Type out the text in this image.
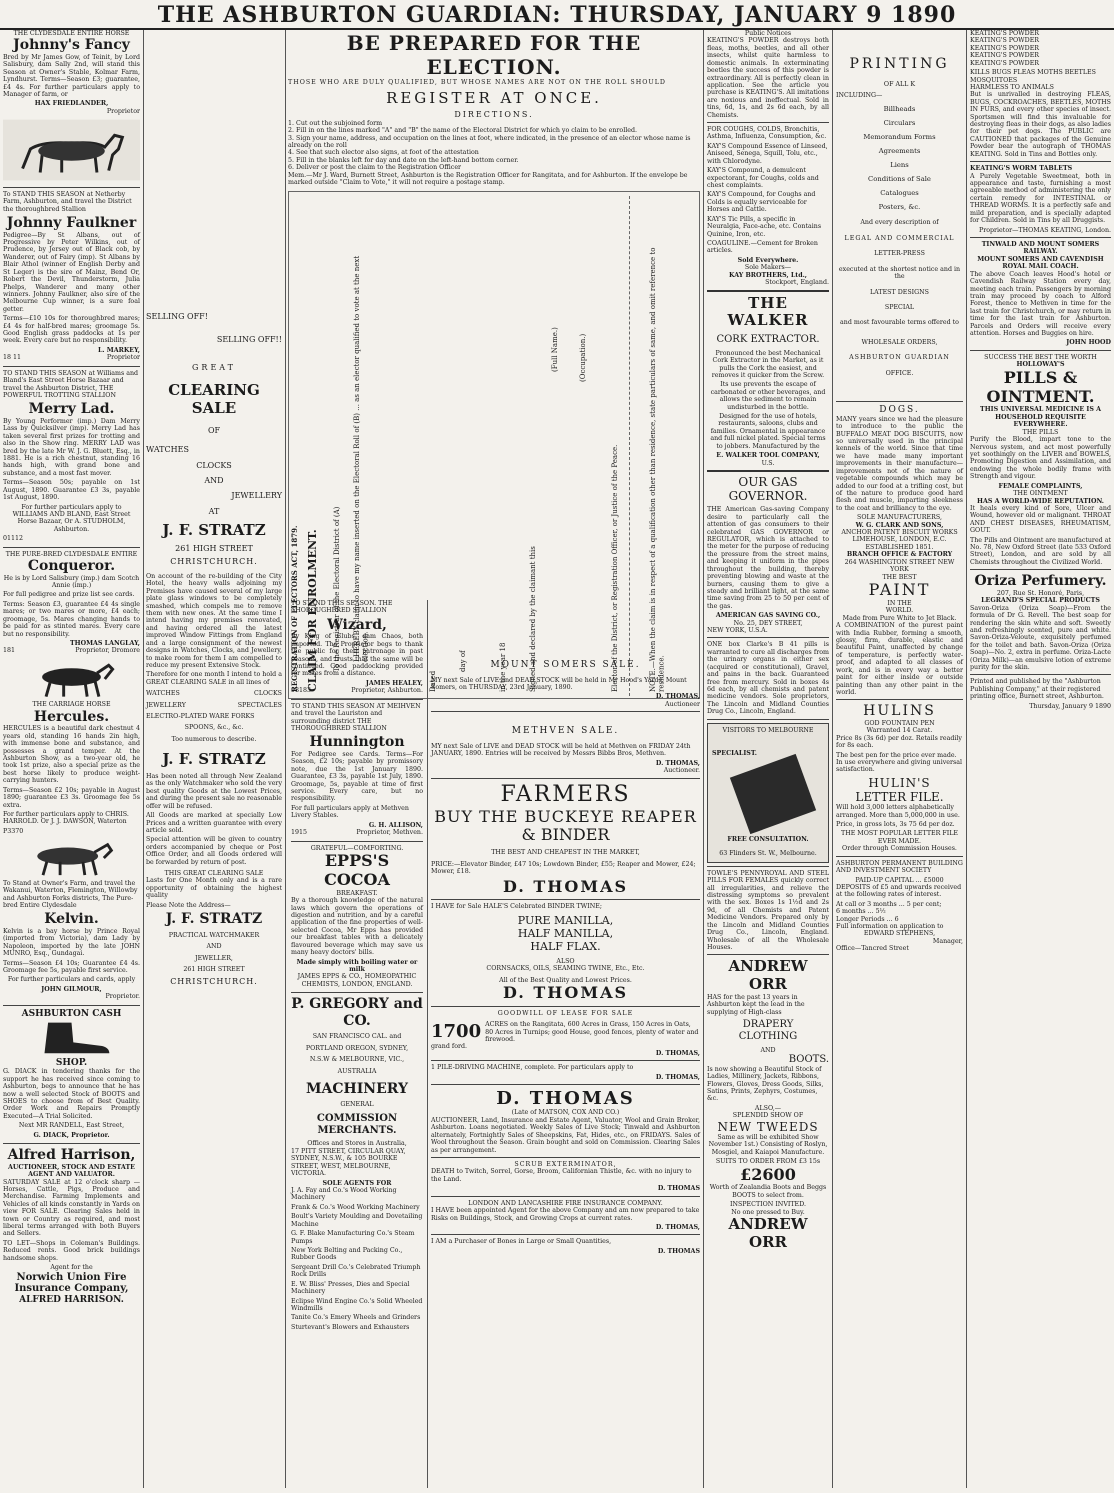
THE ASHBURTON GUARDIAN: THURSDAY, JANUARY 9 1890
THE CLYDESDALE ENTIRE HORSE
Johnny's Fancy

Bred by Mr James Gow, of Teinit, by Lord Salisbury, dam Sally 2nd, will stand this Season at Owner's Stable, Kolmar Farm, Lyndhurst. Terms—Season £3; guarantee, £4 4s. For further particulars apply to Manager of farm, or

HAX FRIEDLANDER,
Proprietor

To STAND THIS SEASON at Netherby Farm, Ashburton, and travel the District the thoroughbred Stallion

Johnny Faulkner

Pedigree—By St Albans, out of Progressive by Peter Wilkins, out of Prudence, by Jersey out of Black cob, by Wanderer, out of Fairy (imp). St Albans by Blair Athol (winner of English Derby and St Leger) is the sire of Mainz, Bend Or, Robert the Devil, Thunderstorm, Julia Phelps, Wanderer and many other winners. Johnny Faulkner, also sire of the Melbourne Cup winner, is a sure foal getter.

Terms—£10 10s for thoroughbred mares; £4 4s for half-bred mares; groomage 5s. Good English grass paddocks at 1s per week. Every care but no responsibility.

L. MARKEY,
18 11	Proprietor

TO STAND THIS SEASON at Williams and Bland's East Street Horse Bazaar and travel the Ashburton District, THE POWERFUL TROTTING STALLION

Merry Lad.

By Young Performer (imp.) Dam Merry Lass by Quicksilver (imp). Merry Lad has taken several first prizes for trotting and also in the Show ring. MERRY LAD was bred by the late Mr W. J. G. Bluett, Esq., in 1881. He is a rich chestnut, standing 16 hands high, with grand bone and substance, and a most fast mover.

Terms—Season 50s; payable on 1st August, 1890. Guarantee £3 3s, payable 1st August, 1890.

For further particulars apply to WILLIAMS AND BLAND, East Street Horse Bazaar, Or A. STUDHOLM, Ashburton.

01112
THE PURE-BRED CLYDESDALE ENTIRE
Conqueror.

He is by Lord Salisbury (imp.) dam Scotch Annie (imp.)

For full pedigree and prize list see cards.

Terms: Season £3, guarantee £4 4s single mares; or two mares or more, £4 each; groomage, 5s. Mares changing hands to be paid for as stinted mares. Every care but no responsibility.

THOMAS LANGLAY,
181	Proprietor, Dromore
THE CARRIAGE HORSE
Hercules.

HERCULES is a beautiful dark chestnut 4 years old, standing 16 hands 2in high, with immense bone and substance, and possesses a grand temper. At the Ashburton Show, as a two-year old, he took 1st prize, also a special prize as the best horse likely to produce weight-carrying hunters.

Terms—Season £2 10s; payable in August 1890; guarantee £3 3s. Groomage fee 5s extra.

For further particulars apply to CHRIS. HARROLD. Or J. J. DAWSON, Waterton

P3370

To Stand at Owner's Farm, and travel the Wakanui, Waterton, Flemington, Willowby and Ashburton Forks districts, The Pure-bred Entire Clydesdale

Kelvin.

Kelvin is a bay horse by Prince Royal (imported from Victoria), dam Lady by Napoleon, imported by the late JOHN MUNRO, Esq., Gundagai.

Terms—Season £4 10s; Guarantee £4 4s. Groomage fee 5s, payable first service.

For further particulars and cards, apply

JOHN GILMOUR,
Proprietor.
ASHBURTON CASH
SHOP.

G. DIACK in tendering thanks for the support he has received since coming to Ashburton, begs to announce that he has now a well selected Stock of BOOTS and SHOES to choose from of Best Quality. Order Work and Repairs Promptly Executed—A Trial Solicited.

Next MR RANDELL, East Street,

G. DIACK, Proprietor.
Alfred Harrison,
AUCTIONEER, STOCK AND ESTATE AGENT AND VALUATOR.

SATURDAY SALE at 12 o'clock sharp —Horses, Cattle, Pigs, Produce and Merchandise. Farming Implements and Vehicles of all kinds constantly in Yards on view FOR SALE. Clearing Sales held in town or Country as required, and most liberal terms arranged with both Buyers and Sellers.

TO LET—Shops in Coleman's Buildings. Reduced rents. Good brick buildings handsome shops.

Agent for the
Norwich Union Fire Insurance Company,
ALFRED HARRISON.
BE PREPARED FOR THE ELECTION.
THOSE WHO ARE DULY QUALIFIED, BUT WHOSE NAMES ARE NOT ON THE ROLL SHOULD
REGISTER AT ONCE.
DIRECTIONS.
1. Cut out the subjoined form
2. Fill in on the lines marked "A" and "B" the name of the Electoral District for which yo claim to be enrolled.
3. Sign your name, address, and occupation on the lines at foot, where indicated, in the presence of an elector whose name is already on the roll
4. See that such elector also signs, at foot of the attestation
5. Fill in the blanks left for day and date on the left-hand bottom corner.
6. Deliver or post the claim to the Registration Officer
Mem.—Mr J. Ward, Burnett Street, Ashburton is the Registration Officer for Rangitata, and for Ashburton. If the envelope be marked outside "Claim to Vote," it will not require a postage stamp.
REGISTRATION OF ELECTORS ACT, 1879. CLAIM FOR ENROLMENT. To the Registrar of the Electoral District of (A) I HEREBY claim to have my name inserted on the Electoral Roll of (B) ... as an elector qualified to vote at the next election.
Dated
day of	in the year 18	Signed and declared by the claimant this
(Full Name.)	(Occupation.)
Elector of the District, or Registration Officer, or Justice of the Peace.	NOTE.—When the claim is in respect of a qualification other than residence, state particulars of same, and omit reference to residence.
SELLING OFF!
SELLING OFF!!
GREAT
CLEARING SALE
OF
WATCHES
CLOCKS
AND
JEWELLERY
AT
J. F. STRATZ
261 HIGH STREET
CHRISTCHURCH.

On account of the re-building of the City Hotel, the heavy walls adjoining my Premises have caused several of my large plate glass windows to be completely smashed, which compels me to remove them with new ones. At the same time I intend having my premises renovated, and having ordered all the latest improved Window Fittings from England and a large consignment of the newest designs in Watches, Clocks, and Jewellery, to make room for them I am compelled to reduce my present Extensive Stock.

Therefore for one month I intend to hold a GREAT CLEARING SALE in all lines of

WATCHES	CLOCKS
JEWELLERY	SPECTACLES
ELECTRO-PLATED WARE FORKS
SPOONS, &c., &c.
Too numerous to describe.
J. F. STRATZ

Has been noted all through New Zealand as the only Watchmaker who sold the very best quality Goods at the Lowest Prices, and during the present sale no reasonable offer will be refused.

All Goods are marked at specially Low Prices and a written guarantee with every article sold.

Special attention will be given to country orders accompanied by cheque or Post Office Order, and all Goods ordered will be forwarded by return of post.

THIS GREAT CLEARING SALE

Lasts for One Month only and is a rare opportunity of obtaining the highest quality

Please Note the Address—

J. F. STRATZ
PRACTICAL WATCHMAKER
AND
JEWELLER,
261 HIGH STREET
CHRISTCHURCH.

TO STAND THIS SEASON. THE THOROUGHBRED STALLION

Wizard,

By King of Clubs, dam Chaos, both imported. The Proprietor begs to thank the public for their patronage in past seasons, and trusts that the same will be continued. Good paddocking provided for mares from a distance.

JAMES HEALEY,
18183	Proprietor, Ashburton.

TO STAND THIS SEASON AT MEIHVEN and travel the Lauriston and surrounding district THE THOROUGHBRED STALLION

Hunnington

For Pedigree see Cards. Terms—For Season, £2 10s; payable by promissory note, due the 1st January 1890. Guarantee, £3 3s, payable 1st July, 1890. Groomage, 5s, payable at time of first service. Every care, but no responsibility.

For full particulars apply at Methven Livery Stables.

G. H. ALLISON,
1915	Proprietor, Methven.
GRATEFUL—COMFORTING.
EPPS'S COCOA
BREAKFAST.

By a thorough knowledge of the natural laws which govern the operations of digestion and nutrition, and by a careful application of the fine properties of well-selected Cocoa, Mr Epps has provided our breakfast tables with a delicately flavoured beverage which may save us many heavy doctors' bills.

Made simply with boiling water or milk
JAMES EPPS & CO., HOMEOPATHIC CHEMISTS, LONDON, ENGLAND.
P. GREGORY and CO.
SAN FRANCISCO CAL. and
PORTLAND OREGON, SYDNEY,
N.S.W & MELBOURNE, VIC.,
AUSTRALIA
MACHINERY
GENERAL
COMMISSION MERCHANTS.
Offices and Stores in Australia,

17 PITT STREET, CIRCULAR QUAY, SYDNEY, N.S.W., & 105 BOURKE STREET, WEST, MELBOURNE, VICTORIA.

SOLE AGENTS FOR

J. A. Fay and Co.'s Wood Working Machinery

Frank & Co.'s Wood Working Machinery

Boult's Variety Moulding and Dovetailing Machine

G. F. Blake Manufacturing Co.'s Steam Pumps

New York Belting and Packing Co., Rubber Goods

Sergeant Drill Co.'s Celebrated Triumph Rock Drills

E. W. Bliss' Presses, Dies and Special Machinery

Eclipse Wind Engine Co.'s Solid Wheeled Windmills

Tanite Co.'s Emery Wheels and Grinders

Sturtevant's Blowers and Exhausters

MOUNT SOMERS SALE.

MY next Sale of LIVE and DEAD STOCK will be held in Mr Hood's Yards, Mount Somers, on THURSDAY, 23rd January, 1890.

D. THOMAS,
Auctioneer
METHVEN SALE.

MY next Sale of LIVE and DEAD STOCK will be held at Methven on FRIDAY 24th JANUARY, 1890. Entries will be received by Messrs Bibbs Bros, Methven.

D. THOMAS,
Auctioneer.
FARMERS
BUY THE BUCKEYE REAPER
& BINDER
THE BEST AND CHEAPEST IN THE MARKET,

PRICE:—Elevator Binder, £47 10s; Lowdown Binder, £55; Reaper and Mower, £24; Mower, £18.

D. THOMAS

I HAVE for Sale HALE'S Celebrated BINDER TWINE;

PURE MANILLA,
HALF MANILLA,
HALF FLAX.
ALSO
CORNSACKS, OILS, SEAMING TWINE, Etc., Etc.
All of the Best Quality and Lowest Prices.
D. THOMAS
GOODWILL OF LEASE FOR SALE
1700
grand ford.

ACRES on the Rangitata, 600 Acres in Grass, 150 Acres in Oats, 80 Acres in Turnips; good House, good fences, plenty of water and firewood.

D. THOMAS,

1 PILE-DRIVING MACHINE, complete. For particulars apply to

D. THOMAS,
D. THOMAS
(Late of MATSON, COX AND CO.)

AUCTIONEER, Land, Insurance and Estate Agent, Valuator, Wool and Grain Broker, Ashburton. Loans negotiated. Weekly Sales of Live Stock; Tinwald and Ashburton alternately, Fortnightly Sales of Sheepskins, Fat, Hides, etc., on FRIDAYS. Sales of Wool throughout the Season. Grain bought and sold on Commission. Clearing Sales as per arrangement.

SCRUB EXTERMINATOR,

DEATH to Twitch, Sorrel, Gorse, Broom, Californian Thistle, &c. with no injury to the Land.

D. THOMAS
LONDON AND LANCASHIRE FIRE INSURANCE COMPANY.

I HAVE been appointed Agent for the above Company and am now prepared to take Risks on Buildings, Stock, and Growing Crops at current rates.

D. THOMAS,

I AM a Purchaser of Bones in Large or Small Quantities,

D. THOMAS
Public Notices

KEATING'S POWDER destroys both fleas, moths, beetles, and all other insects, whilst quite harmless to domestic animals. In exterminating beetles the success of this powder is extraordinary. All is perfectly clean in application. See the article you purchase is KEATING'S. All imitations are noxious and ineffectual. Sold in tins, 6d, 1s, and 2s 6d each, by all Chemists.

FOR COUGHS, COLDS, Bronchitis, Asthma, Influenza, Consumption, &c.

KAY'S Compound Essence of Linseed, Aniseed, Senega, Squill, Tolu, etc., with Chlorodyne.

KAY'S Compound, a demulcent expectorant, for Coughs, colds and chest complaints.

KAY'S Compound, for Coughs and Colds is equally serviceable for Horses and Cattle.

KAY'S Tic Pills, a specific in Neuralgia, Face-ache, etc. Contains Quinine, Iron, etc.

COAGULINE.—Cement for Broken articles.

Sold Everywhere.
Sole Makers—
KAY BROTHERS, Ltd.,
Stockport, England.
THE WALKER
CORK EXTRACTOR.

Pronounced the best Mechanical Cork Extractor in the Market, as it pulls the Cork the easiest, and removes it quicker from the Screw.

Its use prevents the escape of carbonated or other beverages, and allows the sediment to remain undisturbed in the bottle.

Designed for the use of hotels, restaurants, saloons, clubs and families. Ornamental in appearance and full nickel plated. Special terms to jobbers. Manufactured by the

E. WALKER TOOL COMPANY,
U.S.
OUR GAS GOVERNOR.

THE American Gas-saving Company desire to particularly call the attention of gas consumers to their celebrated GAS GOVERNOR or REGULATOR, which is attached to the meter for the purpose of reducing the pressure from the street mains, and keeping it uniform in the pipes throughout the building, thereby preventing blowing and waste at the burners, causing them to give a steady and brilliant light, at the same time saving from 25 to 50 per cent of the gas.

AMERICAN GAS SAVING CO.,
No. 25, DEY STREET,
NEW YORK, U.S.A.

ONE box Clarke's B 41 pills is warranted to cure all discharges from the urinary organs in either sex (acquired or constitutional), Gravel, and pains in the back. Guaranteed free from mercury. Sold in boxes 4s 6d each, by all chemists and patent medicine vendors. Sole proprietors, The Lincoln and Midland Counties Drug Co., Lincoln, England.

VISITORS TO MELBOURNE
SPECIALIST.
FREE CONSULTATION.
63 Flinders St. W., Melbourne.

TOWLE'S PENNYROYAL AND STEEL PILLS FOR FEMALES quickly correct all irregularities, and relieve the distressing symptoms so prevalent with the sex. Boxes 1s 1½d and 2s 9d, of all Chemists and Patent Medicine Vendors. Prepared only by the Lincoln and Midland Counties Drug Co., Lincoln, England. Wholesale of all the Wholesale Houses.

ANDREW ORR

HAS for the past 13 years in Ashburton kept the lead in the supplying of High-class

DRAPERY
CLOTHING
AND
BOOTS.

Is now showing a Beautiful Stock of Ladies, Millinery, Jackets, Ribbons, Flowers, Gloves, Dress Goods, Silks, Satins, Prints, Zephyrs, Costumes, &c.

ALSO,—
SPLENDID SHOW OF
NEW TWEEDS

Same as will be exhibited Show November 1st.) Consisting of Roslyn, Mosgiel, and Kaiapoi Manufacture.

SUITS TO ORDER FROM £3 15s
£2600

Worth of Zealandia Boots and Beggs BOOTS to select from.

INSPECTION INVITED.
No one pressed to Buy.
ANDREW ORR
PRINTING
OF ALL K
INCLUDING—
Billheads
Circulars
Memorandum Forms
Agreements
Liens
Conditions of Sale
Catalogues
Posters, &c.
And every description of
LEGAL AND COMMERCIAL
LETTER-PRESS
executed at the shortest notice and in the
LATEST DESIGNS
SPECIAL
and most favourable terms offered to
WHOLESALE ORDERS,
ASHBURTON GUARDIAN
OFFICE.
DOGS.

MANY years since we had the pleasure to introduce to the public the BUFFALO MEAT DOG BISCUITS, now so universally used in the principal kennels of the world. Since that time we have made many important improvements in their manufacture—improvements not of the nature of vegetable compounds which may be added to our food at a trifling cost, but of the nature to produce good hard flesh and muscle, imparting sleekness to the coat and brilliancy to the eye.

SOLE MANUFACTURERS,
W. G. CLARK AND SONS,
ANCHOR PATENT BISCUIT WORKS LIMEHOUSE, LONDON, E.C.
ESTABLISHED 1851.
BRANCH OFFICE & FACTORY
264 WASHINGTON STREET NEW YORK
THE BEST
PAINT
IN THE
WORLD.
Made from Pure White to Jet Black.

A COMBINATION of the purest paint with India Rubber, forming a smooth, glossy, firm, durable, elastic and beautiful Paint, unaffected by change of temperature, is perfectly water-proof, and adapted to all classes of work, and is in every way a better paint for either inside or outside painting than any other paint in the world.

HULINS
GOD FOUNTAIN PEN
Warranted 14 Carat.

Price 8s (3s 6d) per doz. Retails readily for 8s each.

The best pen for the price ever made. In use everywhere and giving universal satisfaction.

HULIN'S
LETTER FILE.

Will hold 3,000 letters alphabetically arranged. More than 5,000,000 in use.

Price, in gross lots, 3s 75 6d per doz.

THE MOST POPULAR LETTER FILE EVER MADE.
Order through Commission Houses.

ASHBURTON PERMANENT BUILDING AND INVESTMENT SOCIETY

PAID-UP CAPITAL ... £5000

DEPOSITS of £5 and upwards received at the following rates of interest.

At call or 3 months ... 5 per cent;
6 months ... 5½
Longer Periods ... 6
Full information on application to
EDWARD STEPHENS,
Manager,
Office—Tancred Street
KEATING'S POWDER
KEATING'S POWDER
KEATING'S POWDER
KEATING'S POWDER
KEATING'S POWDER
KILLS BUGS FLEAS MOTHS BEETLES MOSQUITOES
HARMLESS TO ANIMALS

But is unrivalled in destroying FLEAS, BUGS, COCKROACHES, BEETLES, MOTHS IN FURS, and every other species of insect. Sportsmen will find this invaluable for destroying fleas in their dogs, as also ladies for their pet dogs. The PUBLIC are CAUTIONED that packages of the Genuine Powder bear the autograph of THOMAS KEATING. Sold in Tins and Bottles only.

KEATING'S WORM TABLETS

A Purely Vegetable Sweetmeat, both in appearance and taste, furnishing a most agreeable method of administering the only certain remedy for INTESTINAL or THREAD WORMS. It is a perfectly safe and mild preparation, and is specially adapted for Children. Sold in Tins by all Druggists.

Proprietor—THOMAS KEATING, London.
TINWALD AND MOUNT SOMERS RAILWAY.
MOUNT SOMERS AND CAVENDISH ROYAL MAIL COACH.

The above Coach leaves Hood's hotel or Cavendish Railway Station every day, meeting each train. Passengers by morning train may proceed by coach to Alford Forest, thence to Methven in time for the last train for Christchurch, or may return in time for the last train for Ashburton. Parcels and Orders will receive every attention. Horses and Buggies on hire.

JOHN HOOD
SUCCESS THE BEST THE WORTH
HOLLOWAY'S
PILLS & OINTMENT.
THIS UNIVERSAL MEDICINE IS A HOUSEHOLD REQUISITE EVERYWHERE.
THE PILLS

Purify the Blood, impart tone to the Nervous system, and act most powerfully yet soothingly on the LIVER and BOWELS, Promoting Digestion and Assimilation, and endowing the whole bodily frame with Strength and vigour.

FEMALE COMPLAINTS,
THE OINTMENT
HAS A WORLD-WIDE REPUTATION.

It heals every kind of Sore, Ulcer and Wound, however old or malignant. THROAT AND CHEST DISEASES, RHEUMATISM, GOUT.

The Pills and Ointment are manufactured at No. 78, New Oxford Street (late 533 Oxford Street), London, and are sold by all Chemists throughout the Civilized World.

Oriza Perfumery.
207, Rue St. Honoré, Paris,
LEGRAND'S SPECIAL PRODUCTS

Savon-Oriza (Oriza Soap)—From the formula of Dr G. Revell. The best soap for rendering the skin white and soft. Sweetly and refreshingly scented, pure and white. Savon-Oriza-Veloute, exquisitely perfumed for the toilet and bath. Savon-Oriza (Oriza Soap)—No. 2, extra in perfume. Oriza-Lacte (Oriza Milk)—an emulsive lotion of extreme purity for the skin.

Printed and published by the "Ashburton Publishing Company," at their registered printing office, Burnett street, Ashburton.

Thursday, January 9 1890
